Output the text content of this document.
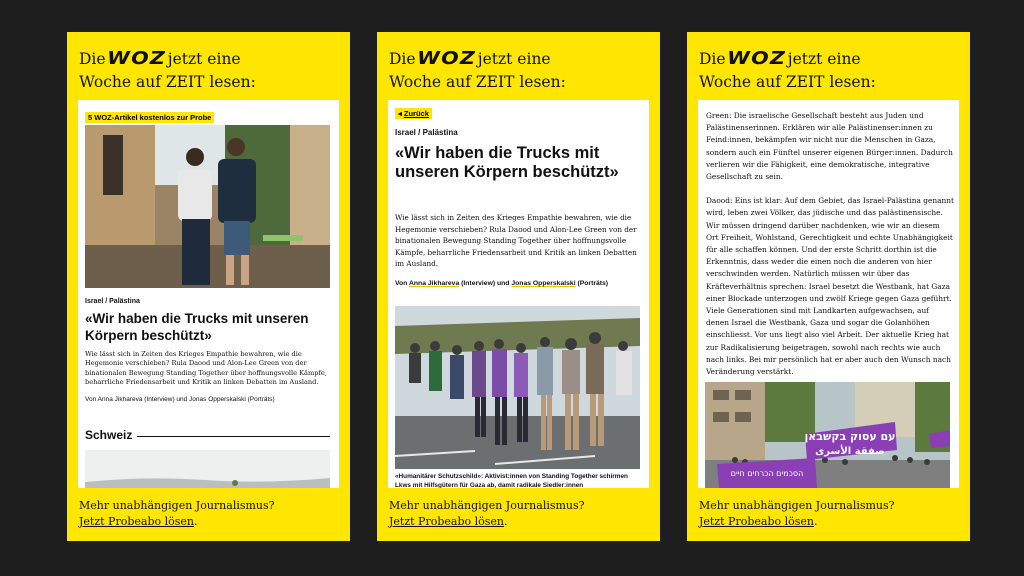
DieWOZ jetzt eine
Woche auf ZEIT lesen:
5 WOZ-Artikel kostenlos zur Probe
Israel / Palästina
«Wir haben die Trucks mit unseren Körpern beschützt»
Wie lässt sich in Zeiten des Krieges Empathie bewahren, wie die Hegemonie verschieben? Rula Daood und Alon-Lee Green von der binationalen Bewegung Standing Together über hoffnungsvolle Kämpfe, beharrliche Friedensarbeit und Kritik an linken Debatten im Ausland.
Von Anna Jikhareva (Interview) und Jonas Opperskalski (Porträts)
Schweiz
Mehr unabhängigen Journalismus?
Jetzt Probeabo lösen.
DieWOZ jetzt eine
Woche auf ZEIT lesen:
◂ Zurück
Israel / Palästina
«Wir haben die Trucks mit unseren Körpern beschützt»
Wie lässt sich in Zeiten des Krieges Empathie bewahren, wie die Hegemonie verschieben? Rula Daood und Alon-Lee Green von der binationalen Bewegung Standing Together über hoffnungsvolle Kämpfe, beharrliche Friedensarbeit und Kritik an linken Debatten im Ausland.
Von Anna Jikhareva (Interview) und Jonas Opperskalski (Porträts)
«Humanitärer Schutzschild»: Aktivist:innen von Standing Together schirmen Lkws mit Hilfsgütern für Gaza ab, damit radikale Siedler:innen
Mehr unabhängigen Journalismus?
Jetzt Probeabo lösen.
DieWOZ jetzt eine
Woche auf ZEIT lesen:

Green: Die israelische Gesellschaft besteht aus Juden und Palästinenserinnen. Erklären wir alle Palästinenser:innen zu Feind:innen, bekämpfen wir nicht nur die Menschen in Gaza, sondern auch ein Fünftel unserer eigenen Bürger:innen. Dadurch verlieren wir die Fähigkeit, eine demokratische, integrative Gesellschaft zu sein.

Daood: Eins ist klar: Auf dem Gebiet, das Israel-Palästina genannt wird, leben zwei Völker, das jüdische und das palästinensische. Wir müssen dringend darüber nachdenken, wie wir an diesem Ort Freiheit, Wohlstand, Gerechtigkeit und echte Unabhängigkeit für alle schaffen können. Und der erste Schritt dorthin ist die Erkenntnis, dass weder die einen noch die anderen von hier verschwinden werden. Natürlich müssen wir über das Kräfteverhältnis sprechen: Israel besetzt die Westbank, hat Gaza einer Blockade unterzogen und zwölf Kriege gegen Gaza geführt. Viele Generationen sind mit Landkarten aufgewachsen, auf denen Israel die Westbank, Gaza und sogar die Golanhöhen einschliesst. Vor uns liegt also viel Arbeit. Der aktuelle Krieg hat zur Radikalisierung beigetragen, sowohl nach rechts wie auch nach links. Bei mir persönlich hat er aber auch den Wunsch nach Veränderung verstärkt.

עם עסוק בקשבאן
صفقة الأسرى
הסכמים הכרחים חיים
Mehr unabhängigen Journalismus?
Jetzt Probeabo lösen.
